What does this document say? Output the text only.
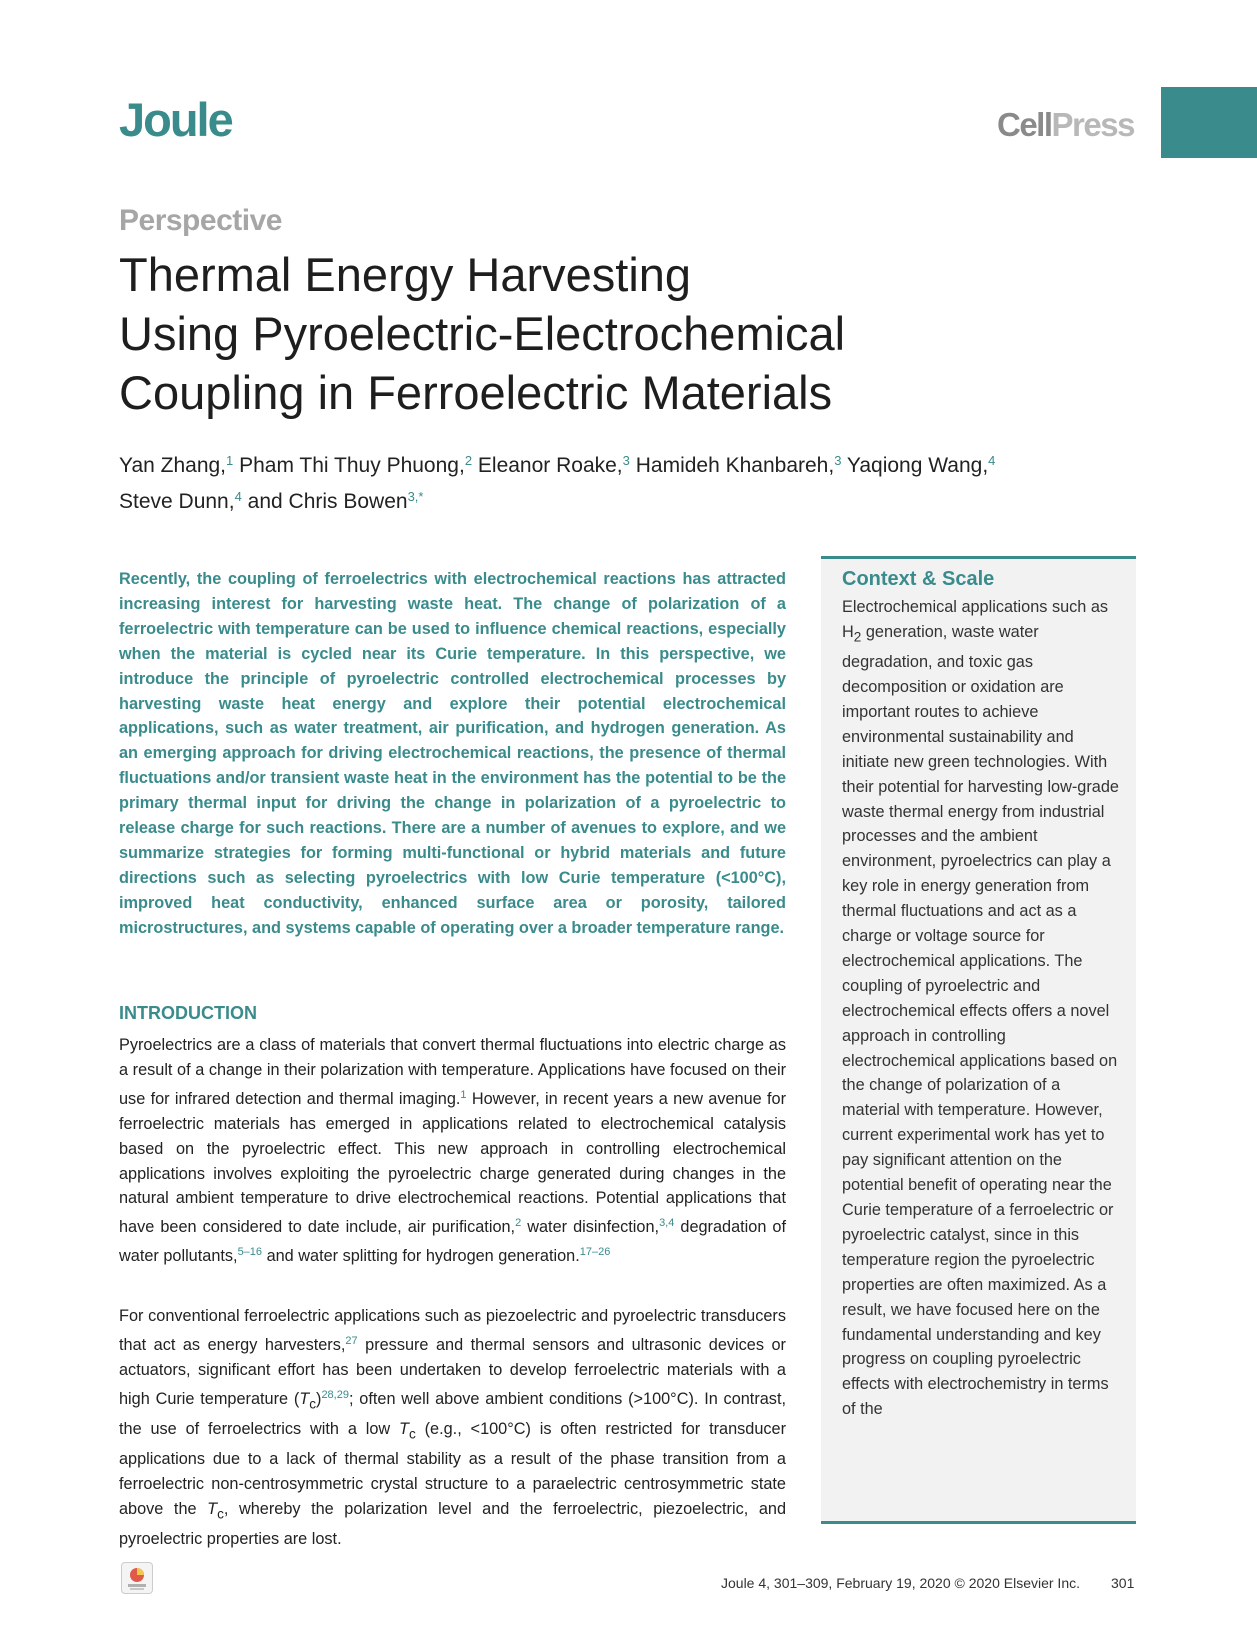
Joule	CellPress
Perspective
Thermal Energy Harvesting
Using Pyroelectric-Electrochemical
Coupling in Ferroelectric Materials
Yan Zhang,$^1$ Pham Thi Thuy Phuong,$^2$ Eleanor Roake,$^3$ Hamideh Khanbareh,$^3$ Yaqiong Wang,$^4$
Steve Dunn,$^4$ and Chris Bowen$^{3,*}$

Recently, the coupling of ferroelectrics with electrochemical reactions has attracted increasing interest for harvesting waste heat. The change of polarization of a ferroelectric with temperature can be used to influence chemical reactions, especially when the material is cycled near its Curie temperature. In this perspective, we introduce the principle of pyroelectric controlled electrochemical processes by harvesting waste heat energy and explore their potential electrochemical applications, such as water treatment, air purification, and hydrogen generation. As an emerging approach for driving electrochemical reactions, the presence of thermal fluctuations and/or transient waste heat in the environment has the potential to be the primary thermal input for driving the change in polarization of a pyroelectric to release charge for such reactions. There are a number of avenues to explore, and we summarize strategies for forming multi-functional or hybrid materials and future directions such as selecting pyroelectrics with low Curie temperature (<100°C), improved heat conductivity, enhanced surface area or porosity, tailored microstructures, and systems capable of operating over a broader temperature range.

INTRODUCTION

Pyroelectrics are a class of materials that convert thermal fluctuations into electric charge as a result of a change in their polarization with temperature. Applications have focused on their use for infrared detection and thermal imaging.$^1$ However, in recent years a new avenue for ferroelectric materials has emerged in applications related to electrochemical catalysis based on the pyroelectric effect. This new approach in controlling electrochemical applications involves exploiting the pyroelectric charge generated during changes in the natural ambient temperature to drive electrochemical reactions. Potential applications that have been considered to date include, air purification,$^2$ water disinfection,$^{3,4}$ degradation of water pollutants,$^{5-16}$ and water splitting for hydrogen generation.$^{17-26}$

For conventional ferroelectric applications such as piezoelectric and pyroelectric transducers that act as energy harvesters,$^{27}$ pressure and thermal sensors and ultrasonic devices or actuators, significant effort has been undertaken to develop ferroelectric materials with a high Curie temperature $(T_c)^{28,29}$; often well above ambient conditions (>100°C). In contrast, the use of ferroelectrics with a low $T_c$ (e.g., <100°C) is often restricted for transducer applications due to a lack of thermal stability as a result of the phase transition from a ferroelectric non-centrosymmetric crystal structure to a paraelectric centrosymmetric state above the $T_c$, whereby the polarization level and the ferroelectric, piezoelectric, and pyroelectric properties are lost.

Context & Scale

Electrochemical applications such as $H_2$ generation, waste water degradation, and toxic gas decomposition or oxidation are important routes to achieve environmental sustainability and initiate new green technologies. With their potential for harvesting low-grade waste thermal energy from industrial processes and the ambient environment, pyroelectrics can play a key role in energy generation from thermal fluctuations and act as a charge or voltage source for electrochemical applications. The coupling of pyroelectric and electrochemical effects offers a novel approach in controlling electrochemical applications based on the change of polarization of a material with temperature. However, current experimental work has yet to pay significant attention on the potential benefit of operating near the Curie temperature of a ferroelectric or pyroelectric catalyst, since in this temperature region the pyroelectric properties are often maximized. As a result, we have focused here on the fundamental understanding and key progress on coupling pyroelectric effects with electrochemistry in terms of the

Joule 4, 301–309, February 19, 2020 © 2020 Elsevier Inc. 301
